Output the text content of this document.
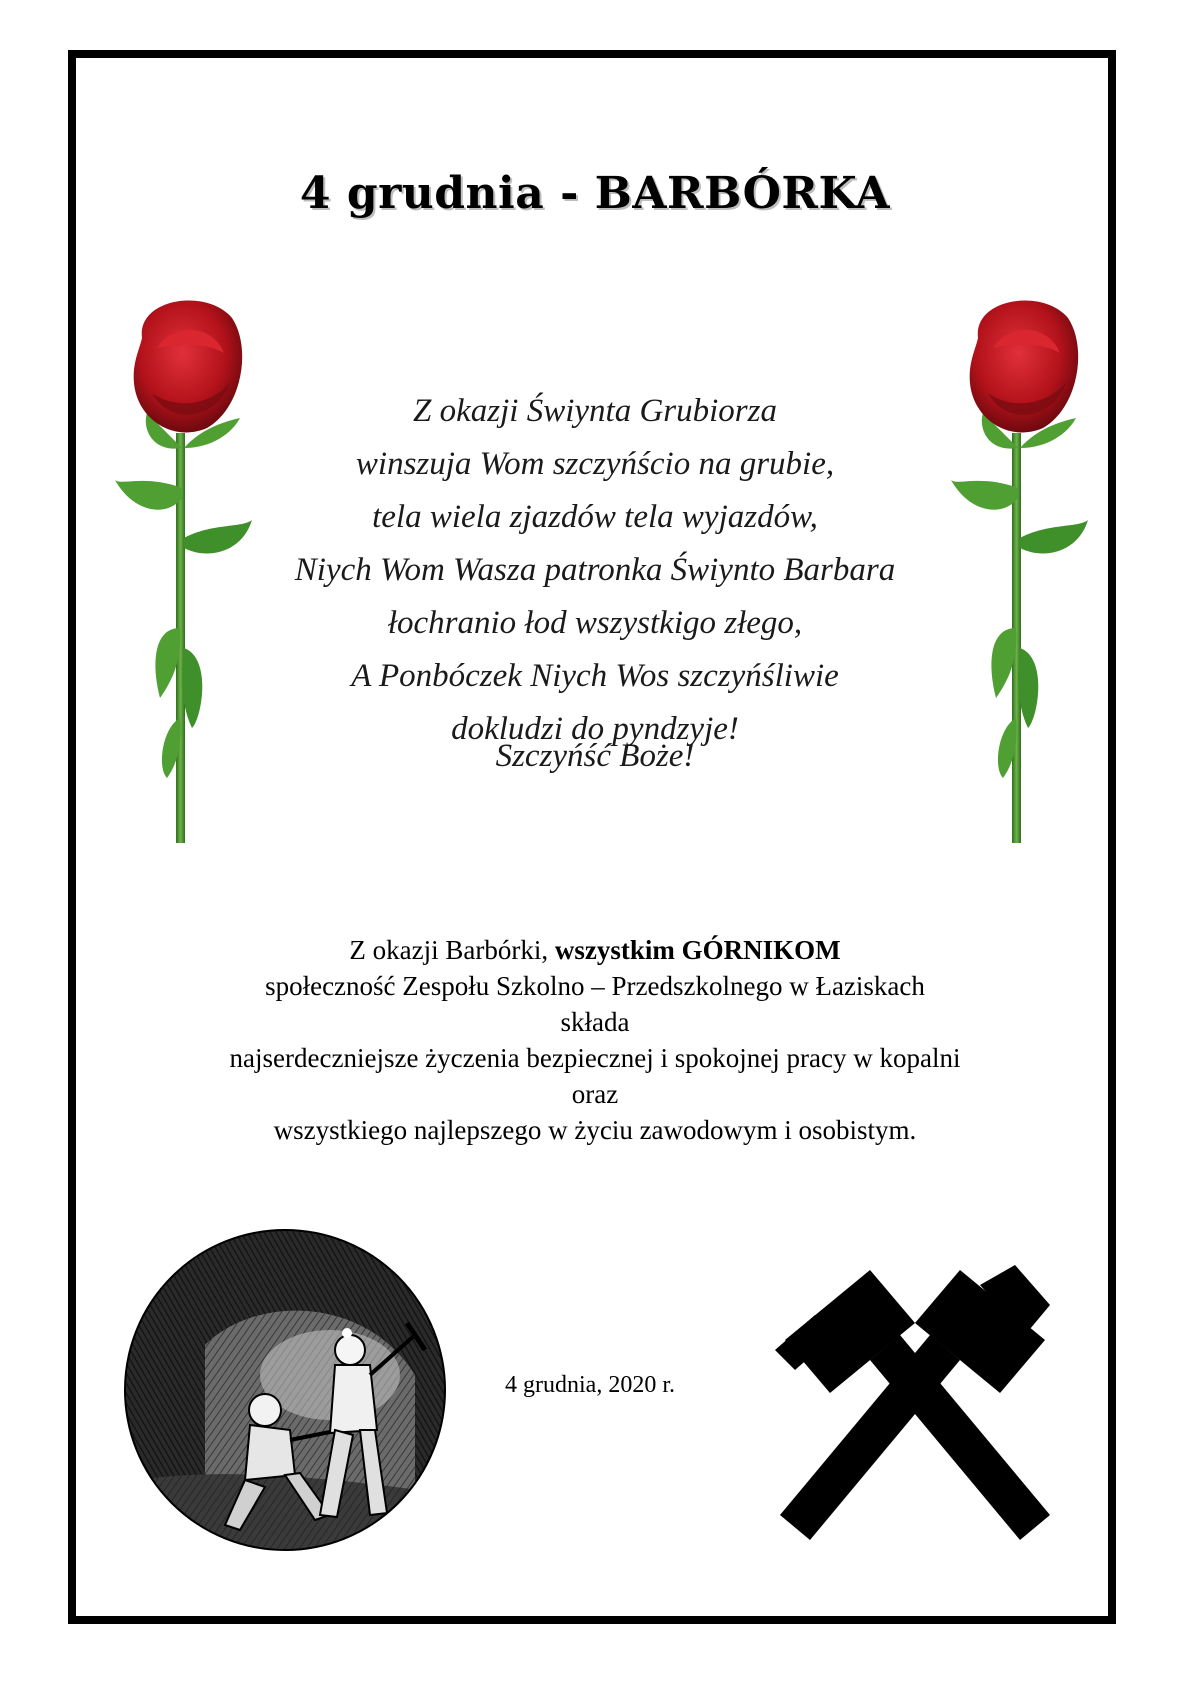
4 grudnia - BARBÓRKA
Z okazji Świynta Grubiorza
winszuja Wom szczyńścio na grubie,
tela wiela zjazdów tela wyjazdów,
Niych Wom Wasza patronka Świynto Barbara
łochranio łod wszystkigo złego,
A Ponbóczek Niych Wos szczyńśliwie
dokludzi do pyndzyje!
Szczyńść Boże!
Z okazji Barbórki, wszystkim GÓRNIKOM
społeczność Zespołu Szkolno – Przedszkolnego w Łaziskach
składa
najserdeczniejsze życzenia bezpiecznej i spokojnej pracy w kopalni
oraz
wszystkiego najlepszego w życiu zawodowym i osobistym.
4 grudnia, 2020 r.
